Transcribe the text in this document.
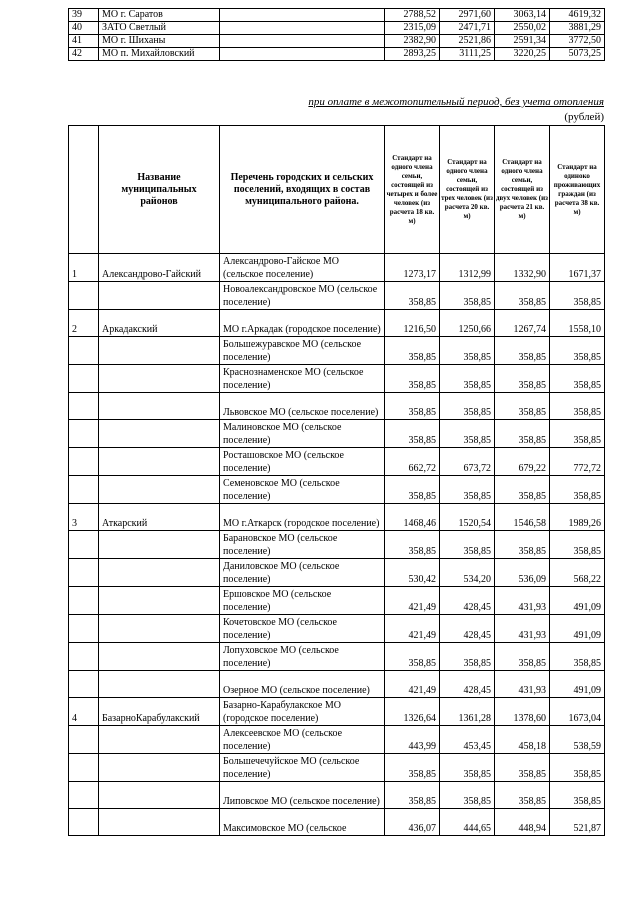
39	МО г. Саратов		2788,52	2971,60	3063,14	4619,32
40	ЗАТО Светлый		2315,09	2471,71	2550,02	3881,29
41	МО г. Шиханы		2382,90	2521,86	2591,34	3772,50
42	МО п. Михайловский		2893,25	3111,25	3220,25	5073,25
при оплате в межотопительный период, без учета отопления
(рублей)
	Название муниципальных районов	Перечень городских и сельских поселений, входящих в состав муниципального района.	Стандарт на одного члена семьи, состоящей из четырех и более человек (из расчета 18 кв. м)	Стандарт на одного члена семьи, состоящей из трех человек (из расчета 20 кв. м)	Стандарт на одного члена семьи, состоящей из двух человек (из расчета 21 кв. м)	Стандарт на одиноко проживающих граждан (из расчета 38 кв. м)
1	Александрово-Гайский	Александрово-Гайское МО (сельское поселение)	1273,17	1312,99	1332,90	1671,37
		Новоалександровское МО (сельское поселение)	358,85	358,85	358,85	358,85
2	Аркадакский	МО г.Аркадак (городское поселение)	1216,50	1250,66	1267,74	1558,10
		Большежуравское МО (сельское поселение)	358,85	358,85	358,85	358,85
		Краснознаменское МО (сельское поселение)	358,85	358,85	358,85	358,85
		Львовское МО (сельское поселение)	358,85	358,85	358,85	358,85
		Малиновское МО (сельское поселение)	358,85	358,85	358,85	358,85
		Росташовское МО (сельское поселение)	662,72	673,72	679,22	772,72
		Семеновское МО (сельское поселение)	358,85	358,85	358,85	358,85
3	Аткарский	МО г.Аткарск (городское поселение)	1468,46	1520,54	1546,58	1989,26
		Барановское МО (сельское поселение)	358,85	358,85	358,85	358,85
		Даниловское МО (сельское поселение)	530,42	534,20	536,09	568,22
		Ершовское МО (сельское поселение)	421,49	428,45	431,93	491,09
		Кочетовское МО (сельское поселение)	421,49	428,45	431,93	491,09
		Лопуховское МО (сельское поселение)	358,85	358,85	358,85	358,85
		Озерное МО (сельское поселение)	421,49	428,45	431,93	491,09
4	БазарноКарабулакский	Базарно-Карабулакское МО (городское поселение)	1326,64	1361,28	1378,60	1673,04
		Алексеевское МО (сельское поселение)	443,99	453,45	458,18	538,59
		Большечечуйское МО (сельское поселение)	358,85	358,85	358,85	358,85
		Липовское МО (сельское поселение)	358,85	358,85	358,85	358,85
		Максимовское МО (сельское	436,07	444,65	448,94	521,87
